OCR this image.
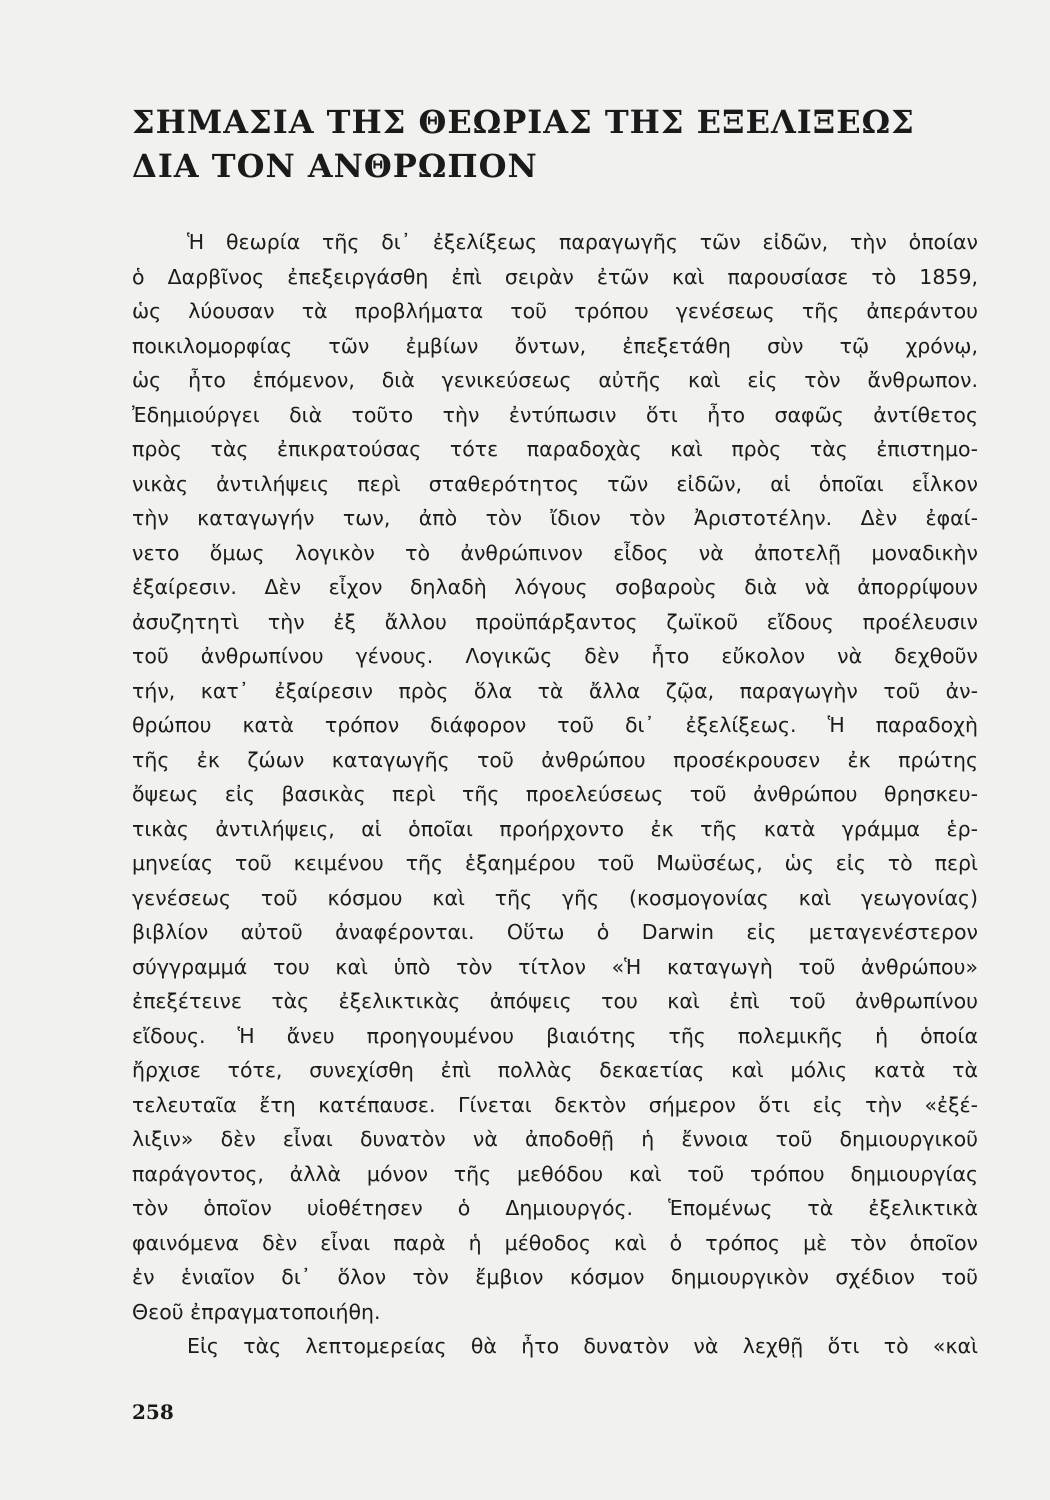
ΣΗΜΑΣΙΑ ΤΗΣ ΘΕΩΡΙΑΣ ΤΗΣ ΕΞΕΛΙΞΕΩΣ
ΔΙΑ ΤΟΝ ΑΝΘΡΩΠΟΝ
Ἡ θεωρία τῆς δι᾿ ἐξελίξεως παραγωγῆς τῶν εἰδῶν, τὴν ὁποίαν
ὁ Δαρβῖνος ἐπεξειργάσθη ἐπὶ σειρὰν ἐτῶν καὶ παρουσίασε τὸ 1859,
ὡς λύουσαν τὰ προβλήματα τοῦ τρόπου γενέσεως τῆς ἀπεράντου
ποικιλομορφίας τῶν ἐμβίων ὄντων, ἐπεξετάθη σὺν τῷ χρόνῳ,
ὡς ἦτο ἑπόμενον, διὰ γενικεύσεως αὐτῆς καὶ εἰς τὸν ἄνθρωπον.
Ἐδημιούργει διὰ τοῦτο τὴν ἐντύπωσιν ὅτι ἦτο σαφῶς ἀντίθετος
πρὸς τὰς ἐπικρατούσας τότε παραδοχὰς καὶ πρὸς τὰς ἐπιστημο-
νικὰς ἀντιλήψεις περὶ σταθερότητος τῶν εἰδῶν, αἱ ὁποῖαι εἷλκον
τὴν καταγωγήν των, ἀπὸ τὸν ἴδιον τὸν Ἀριστοτέλην. Δὲν ἐφαί-
νετο ὅμως λογικὸν τὸ ἀνθρώπινον εἶδος νὰ ἀποτελῇ μοναδικὴν
ἐξαίρεσιν. Δὲν εἶχον δηλαδὴ λόγους σοβαροὺς διὰ νὰ ἀπορρίψουν
ἀσυζητητὶ τὴν ἐξ ἄλλου προϋπάρξαντος ζωϊκοῦ εἴδους προέλευσιν
τοῦ ἀνθρωπίνου γένους. Λογικῶς δὲν ἦτο εὔκολον νὰ δεχθοῦν
τήν, κατ᾿ ἐξαίρεσιν πρὸς ὅλα τὰ ἄλλα ζῷα, παραγωγὴν τοῦ ἀν-
θρώπου κατὰ τρόπον διάφορον τοῦ δι᾿ ἐξελίξεως. Ἡ παραδοχὴ
τῆς ἐκ ζώων καταγωγῆς τοῦ ἀνθρώπου προσέκρουσεν ἐκ πρώτης
ὄψεως εἰς βασικὰς περὶ τῆς προελεύσεως τοῦ ἀνθρώπου θρησκευ-
τικὰς ἀντιλήψεις, αἱ ὁποῖαι προήρχοντο ἐκ τῆς κατὰ γράμμα ἑρ-
μηνείας τοῦ κειμένου τῆς ἑξαημέρου τοῦ Μωϋσέως, ὡς εἰς τὸ περὶ
γενέσεως τοῦ κόσμου καὶ τῆς γῆς (κοσμογονίας καὶ γεωγονίας)
βιβλίον αὐτοῦ ἀναφέρονται. Οὕτω ὁ Darwin εἰς μεταγενέστερον
σύγγραμμά του καὶ ὑπὸ τὸν τίτλον «Ἡ καταγωγὴ τοῦ ἀνθρώπου»
ἐπεξέτεινε τὰς ἐξελικτικὰς ἀπόψεις του καὶ ἐπὶ τοῦ ἀνθρωπίνου
εἴδους. Ἡ ἄνευ προηγουμένου βιαιότης τῆς πολεμικῆς ἡ ὁποία
ἤρχισε τότε, συνεχίσθη ἐπὶ πολλὰς δεκαετίας καὶ μόλις κατὰ τὰ
τελευταῖα ἔτη κατέπαυσε. Γίνεται δεκτὸν σήμερον ὅτι εἰς τὴν «ἐξέ-
λιξιν» δὲν εἶναι δυνατὸν νὰ ἀποδοθῇ ἡ ἔννοια τοῦ δημιουργικοῦ
παράγοντος, ἀλλὰ μόνον τῆς μεθόδου καὶ τοῦ τρόπου δημιουργίας
τὸν ὁποῖον υἱοθέτησεν ὁ Δημιουργός. Ἑπομένως τὰ ἐξελικτικὰ
φαινόμενα δὲν εἶναι παρὰ ἡ μέθοδος καὶ ὁ τρόπος μὲ τὸν ὁποῖον
ἐν ἑνιαῖον δι᾿ ὅλον τὸν ἔμβιον κόσμον δημιουργικὸν σχέδιον τοῦ
Θεοῦ ἐπραγματοποιήθη.
Εἰς τὰς λεπτομερείας θὰ ἦτο δυνατὸν νὰ λεχθῇ ὅτι τὸ «καὶ
258
